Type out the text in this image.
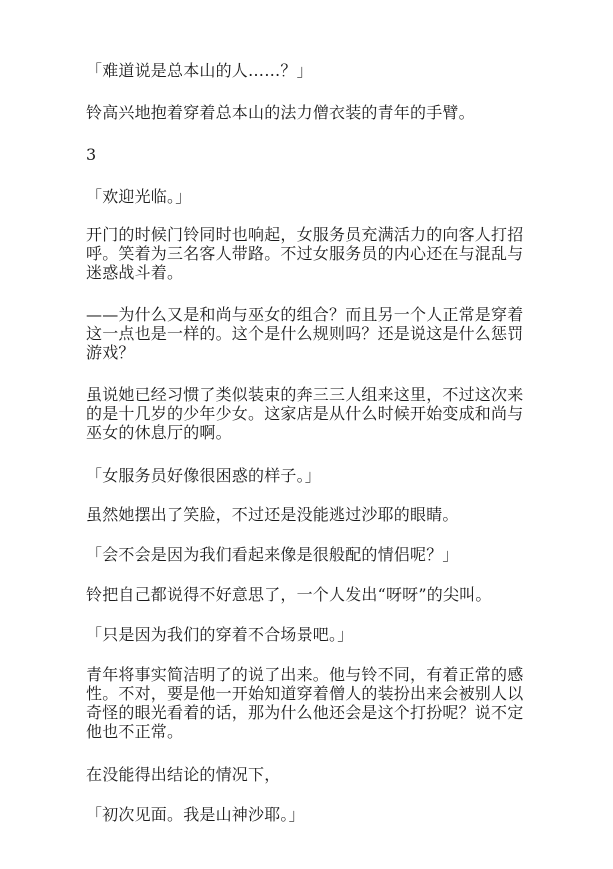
「难道说是总本山的人……？」

铃高兴地抱着穿着总本山的法力僧衣装的青年的手臂。

3

「欢迎光临。」

开门的时候门铃同时也响起，女服务员充满活力的向客人打招呼。笑着为三名客人带路。不过女服务员的内心还在与混乱与迷惑战斗着。

——为什么又是和尚与巫女的组合？而且另一个人正常是穿着这一点也是一样的。这个是什么规则吗？还是说这是什么惩罚游戏？

虽说她已经习惯了类似装束的奔三三人组来这里，不过这次来的是十几岁的少年少女。这家店是从什么时候开始变成和尚与巫女的休息厅的啊。

「女服务员好像很困惑的样子。」

虽然她摆出了笑脸，不过还是没能逃过沙耶的眼睛。

「会不会是因为我们看起来像是很般配的情侣呢？」

铃把自己都说得不好意思了，一个人发出“呀呀”的尖叫。

「只是因为我们的穿着不合场景吧。」

青年将事实简洁明了的说了出来。他与铃不同，有着正常的感性。不对，要是他一开始知道穿着僧人的装扮出来会被别人以奇怪的眼光看着的话，那为什么他还会是这个打扮呢？说不定他也不正常。

在没能得出结论的情况下，

「初次见面。我是山神沙耶。」
